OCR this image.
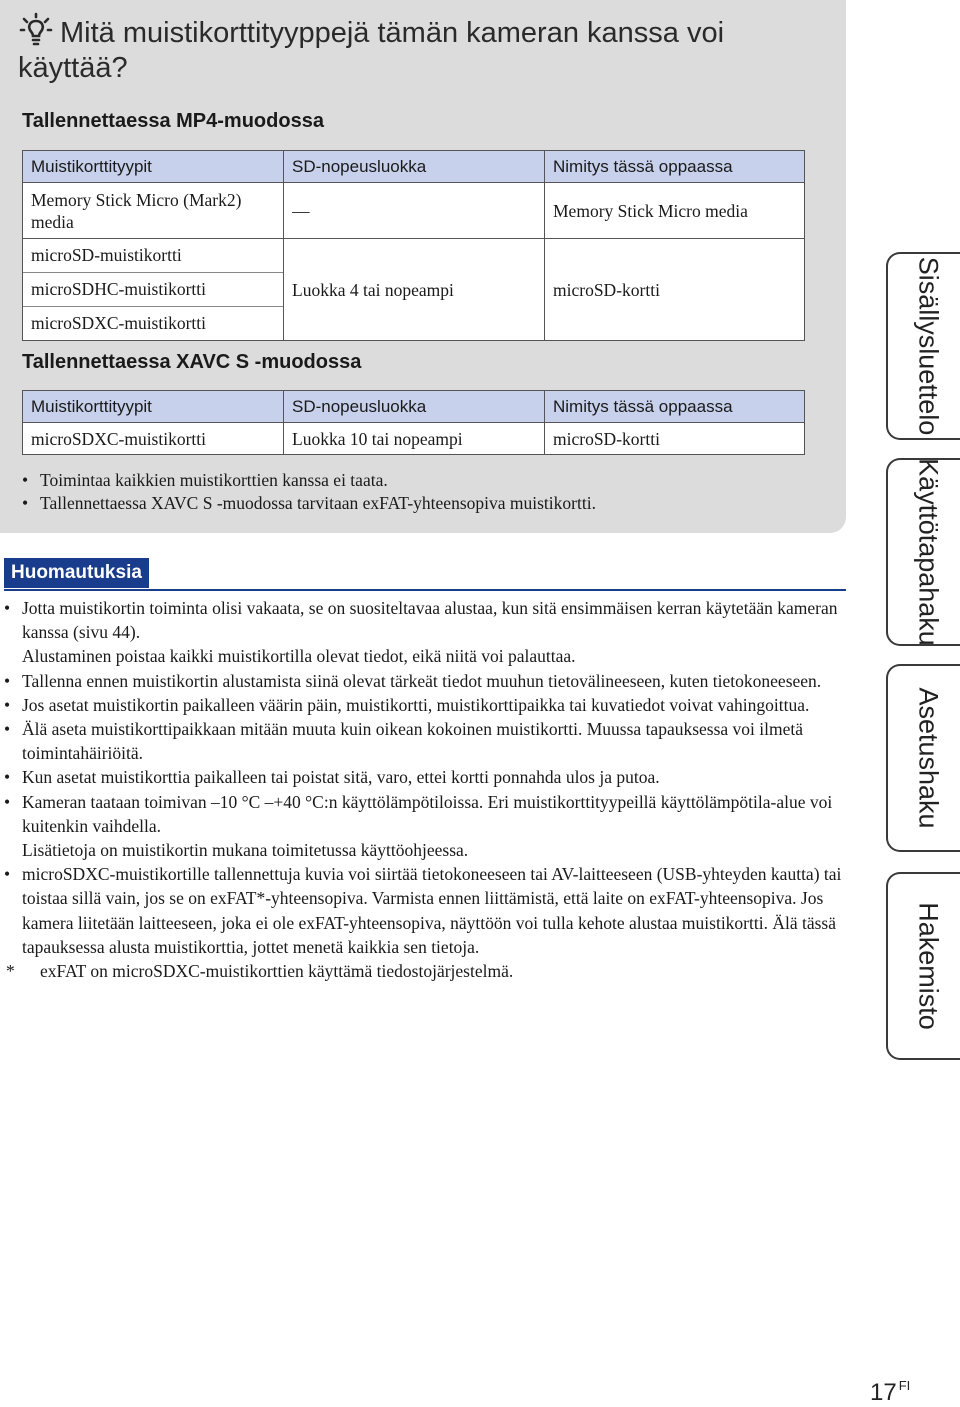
Mitä muistikorttityyppejä tämän kameran kanssa voi käyttää?
Tallennettaessa MP4-muodossa
Muistikorttityypit	SD-nopeusluokka	Nimitys tässä oppaassa
Memory Stick Micro (Mark2) media	—	Memory Stick Micro media

microSD-muistikortti
microSDHC-muistikortti
microSDXC-muistikortti	Luokka 4 tai nopeampi	microSD-kortti
Tallennettaessa XAVC S -muodossa
Muistikorttityypit	SD-nopeusluokka	Nimitys tässä oppaassa
microSDXC-muistikortti	Luokka 10 tai nopeampi	microSD-kortti
• Toimintaa kaikkien muistikorttien kanssa ei taata.
• Tallennettaessa XAVC S -muodossa tarvitaan exFAT-yhteensopiva muistikortti.
Huomautuksia
• Jotta muistikortin toiminta olisi vakaata, se on suositeltavaa alustaa, kun sitä ensimmäisen kerran käytetään kameran kanssa (sivu 44).
Alustaminen poistaa kaikki muistikortilla olevat tiedot, eikä niitä voi palauttaa.
• Tallenna ennen muistikortin alustamista siinä olevat tärkeät tiedot muuhun tietovälineeseen, kuten tietokoneeseen.
• Jos asetat muistikortin paikalleen väärin päin, muistikortti, muistikorttipaikka tai kuvatiedot voivat vahingoittua.
• Älä aseta muistikorttipaikkaan mitään muuta kuin oikean kokoinen muistikortti. Muussa tapauksessa voi ilmetä toimintahäiriöitä.
• Kun asetat muistikorttia paikalleen tai poistat sitä, varo, ettei kortti ponnahda ulos ja putoa.
• Kameran taataan toimivan –10 °C –+40 °C:n käyttölämpötiloissa. Eri muistikorttityypeillä käyttölämpötila-alue voi kuitenkin vaihdella.
Lisätietoja on muistikortin mukana toimitetussa käyttöohjeessa.
• microSDXC-muistikortille tallennettuja kuvia voi siirtää tietokoneeseen tai AV-laitteeseen (USB-yhteyden kautta) tai toistaa sillä vain, jos se on exFAT*-yhteensopiva. Varmista ennen liittämistä, että laite on exFAT-yhteensopiva. Jos kamera liitetään laitteeseen, joka ei ole exFAT-yhteensopiva, näyttöön voi tulla kehote alustaa muistikortti. Älä tässä tapauksessa alusta muistikorttia, jottet menetä kaikkia sen tietoja.
* exFAT on microSDXC-muistikorttien käyttämä tiedostojärjestelmä.
Sisällysluettelo
Käyttötapahaku
Asetushaku
Hakemisto
17 $^{FI}$
